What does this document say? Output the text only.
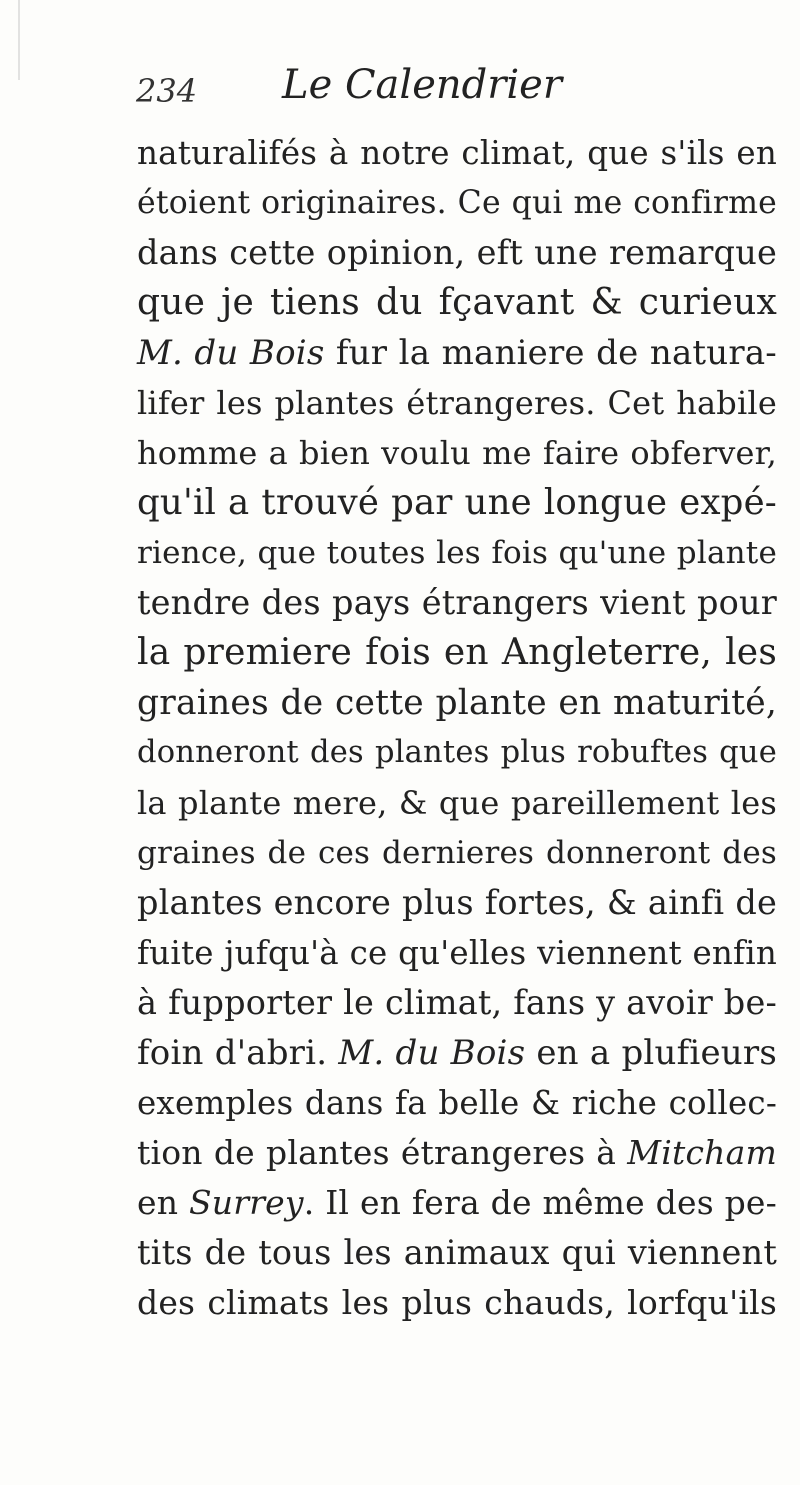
234 Le Calendrier
naturalifés à notre climat, que s'ils en
étoient originaires. Ce qui me confirme
dans cette opinion, eft une remarque
que je tiens du fçavant & curieux
M. du Bois fur la maniere de natura-
lifer les plantes étrangeres. Cet habile
homme a bien voulu me faire obferver,
qu'il a trouvé par une longue expé-
rience, que toutes les fois qu'une plante
tendre des pays étrangers vient pour
la premiere fois en Angleterre, les
graines de cette plante en maturité,
donneront des plantes plus robuftes que
la plante mere, & que pareillement les
graines de ces dernieres donneront des
plantes encore plus fortes, & ainfi de
fuite jufqu'à ce qu'elles viennent enfin
à fupporter le climat, fans y avoir be-
foin d'abri. M. du Bois en a plufieurs
exemples dans fa belle & riche collec-
tion de plantes étrangeres à Mitcham
en Surrey. Il en fera de même des pe-
tits de tous les animaux qui viennent
des climats les plus chauds, lorfqu'ils
